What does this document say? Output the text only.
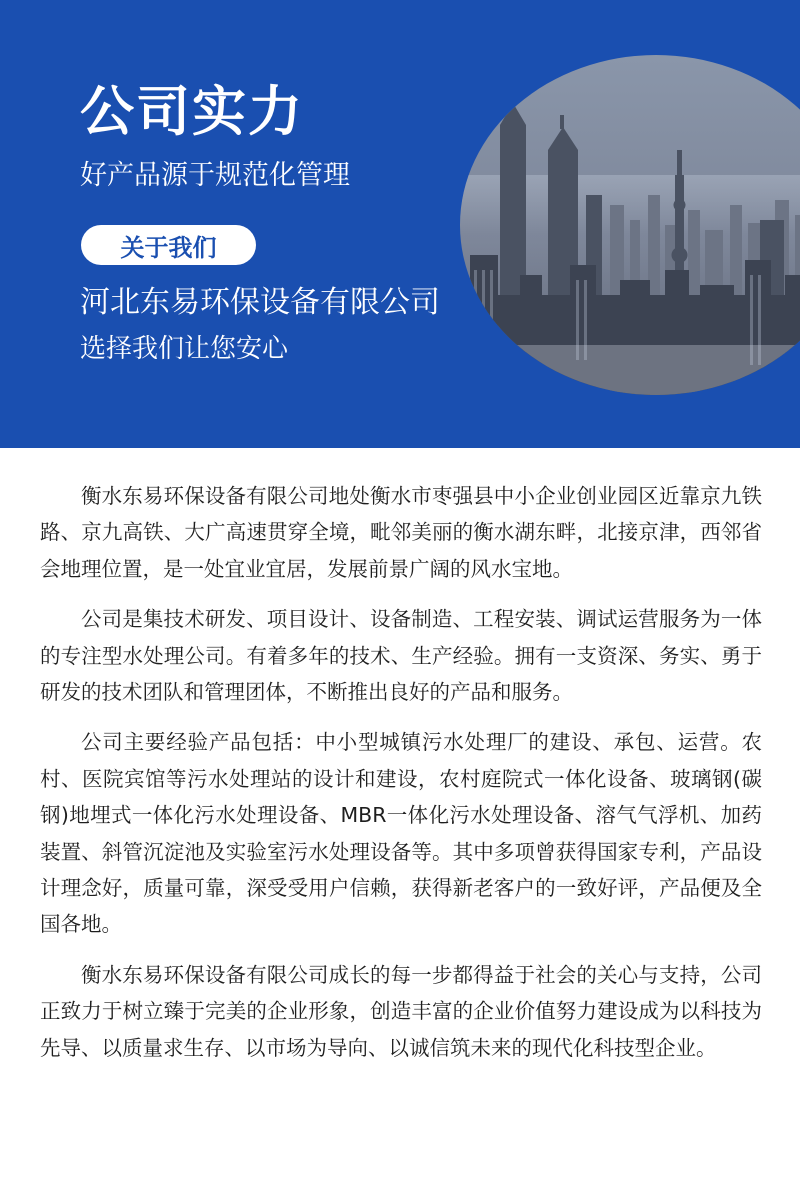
公司实力
好产品源于规范化管理
关于我们
河北东易环保设备有限公司
选择我们让您安心

衡水东易环保设备有限公司地处衡水市枣强县中小企业创业园区近靠京九铁路、京九高铁、大广高速贯穿全境，毗邻美丽的衡水湖东畔，北接京津，西邻省会地理位置，是一处宜业宜居，发展前景广阔的风水宝地。

公司是集技术研发、项目设计、设备制造、工程安装、调试运营服务为一体的专注型水处理公司。有着多年的技术、生产经验。拥有一支资深、务实、勇于研发的技术团队和管理团体，不断推出良好的产品和服务。

公司主要经验产品包括：中小型城镇污水处理厂的建设、承包、运营。农村、医院宾馆等污水处理站的设计和建设，农村庭院式一体化设备、玻璃钢(碳钢)地埋式一体化污水处理设备、MBR一体化污水处理设备、溶气气浮机、加药装置、斜管沉淀池及实验室污水处理设备等。其中多项曾获得国家专利，产品设计理念好，质量可靠，深受受用户信赖，获得新老客户的一致好评，产品便及全国各地。

衡水东易环保设备有限公司成长的每一步都得益于社会的关心与支持，公司正致力于树立臻于完美的企业形象，创造丰富的企业价值努力建设成为以科技为先导、以质量求生存、以市场为导向、以诚信筑未来的现代化科技型企业。
